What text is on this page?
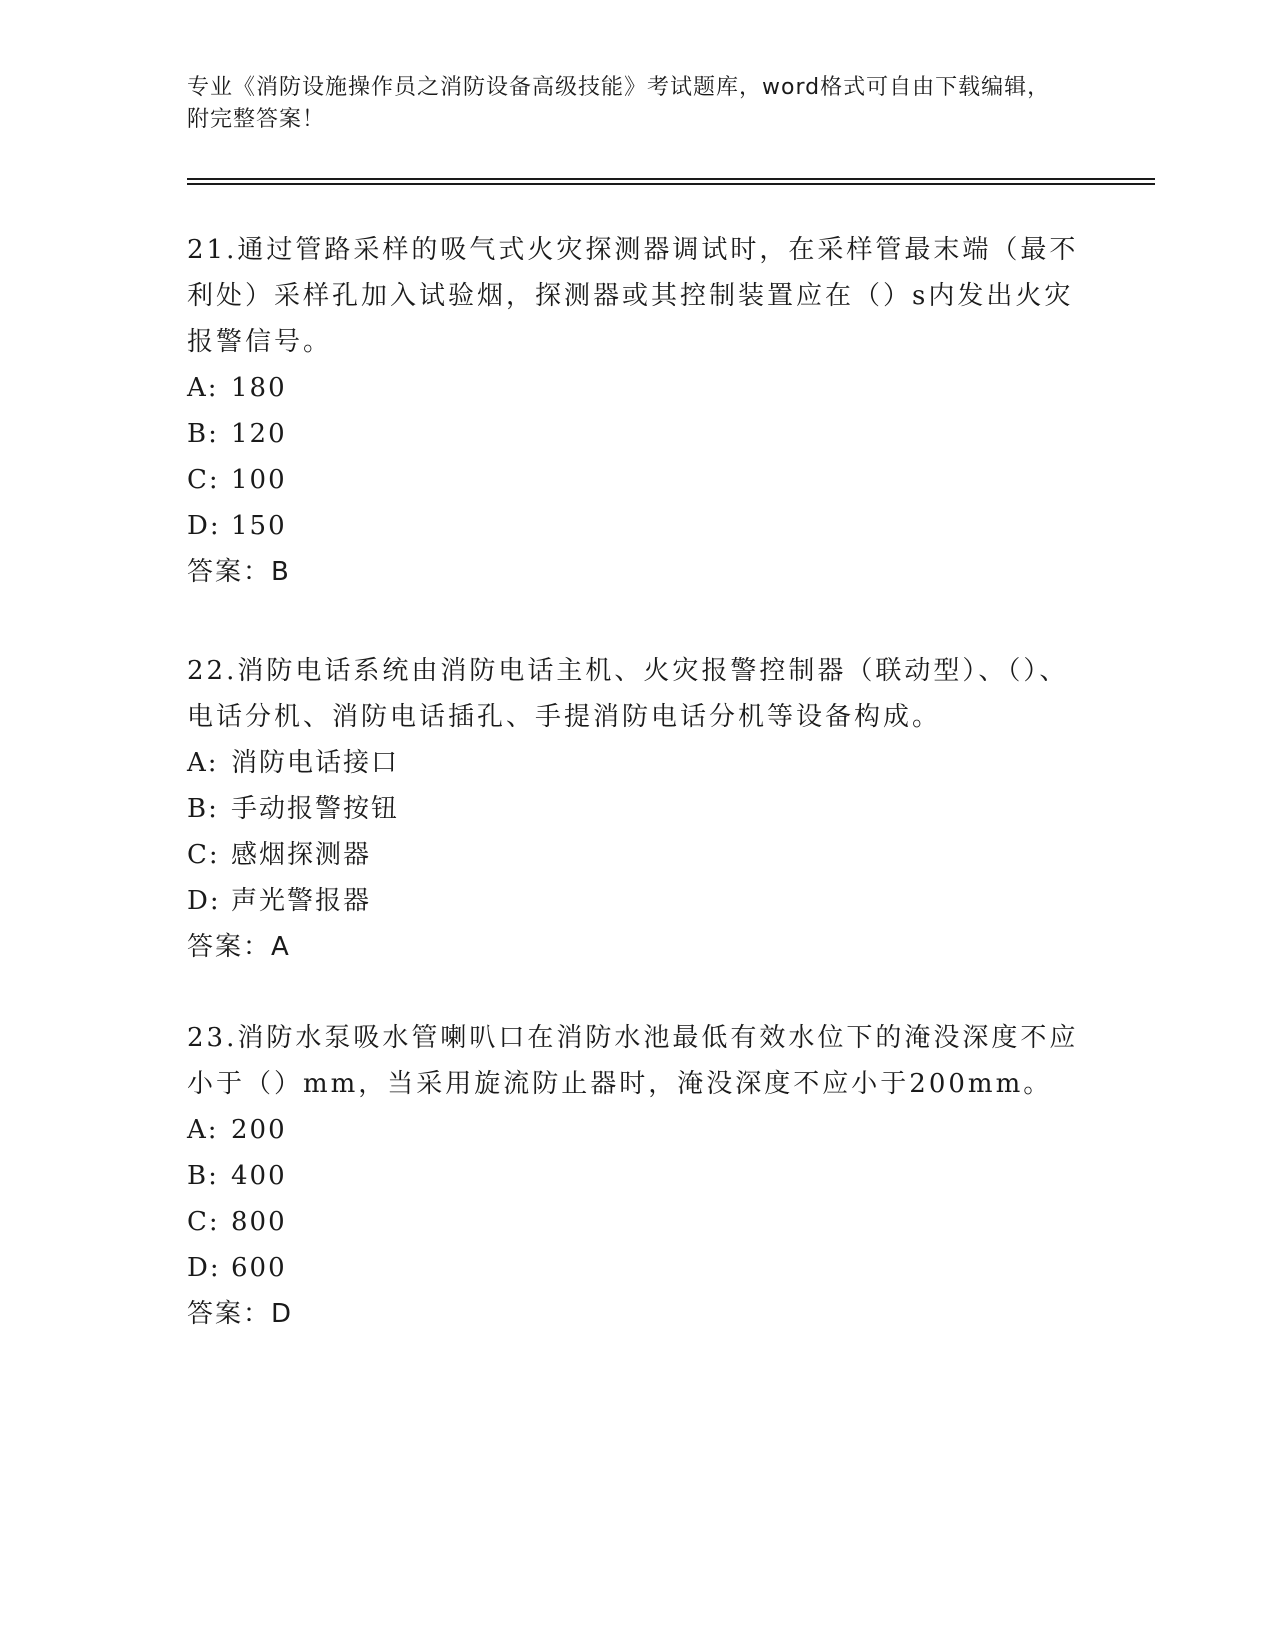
专业《消防设施操作员之消防设备高级技能》考试题库，word格式可自由下载编辑，附完整答案！

21.通过管路采样的吸气式火灾探测器调试时，在采样管最末端（最不利处）采样孔加入试验烟，探测器或其控制装置应在（）s内发出火灾报警信号。

A: 180
B: 120
C: 100
D: 150
答案：B

22.消防电话系统由消防电话主机、火灾报警控制器（联动型）、（）、电话分机、消防电话插孔、手提消防电话分机等设备构成。

A: 消防电话接口
B: 手动报警按钮
C: 感烟探测器
D: 声光警报器
答案：A

23.消防水泵吸水管喇叭口在消防水池最低有效水位下的淹没深度不应小于（）mm，当采用旋流防止器时，淹没深度不应小于200mm。

A: 200
B: 400
C: 800
D: 600
答案：D
